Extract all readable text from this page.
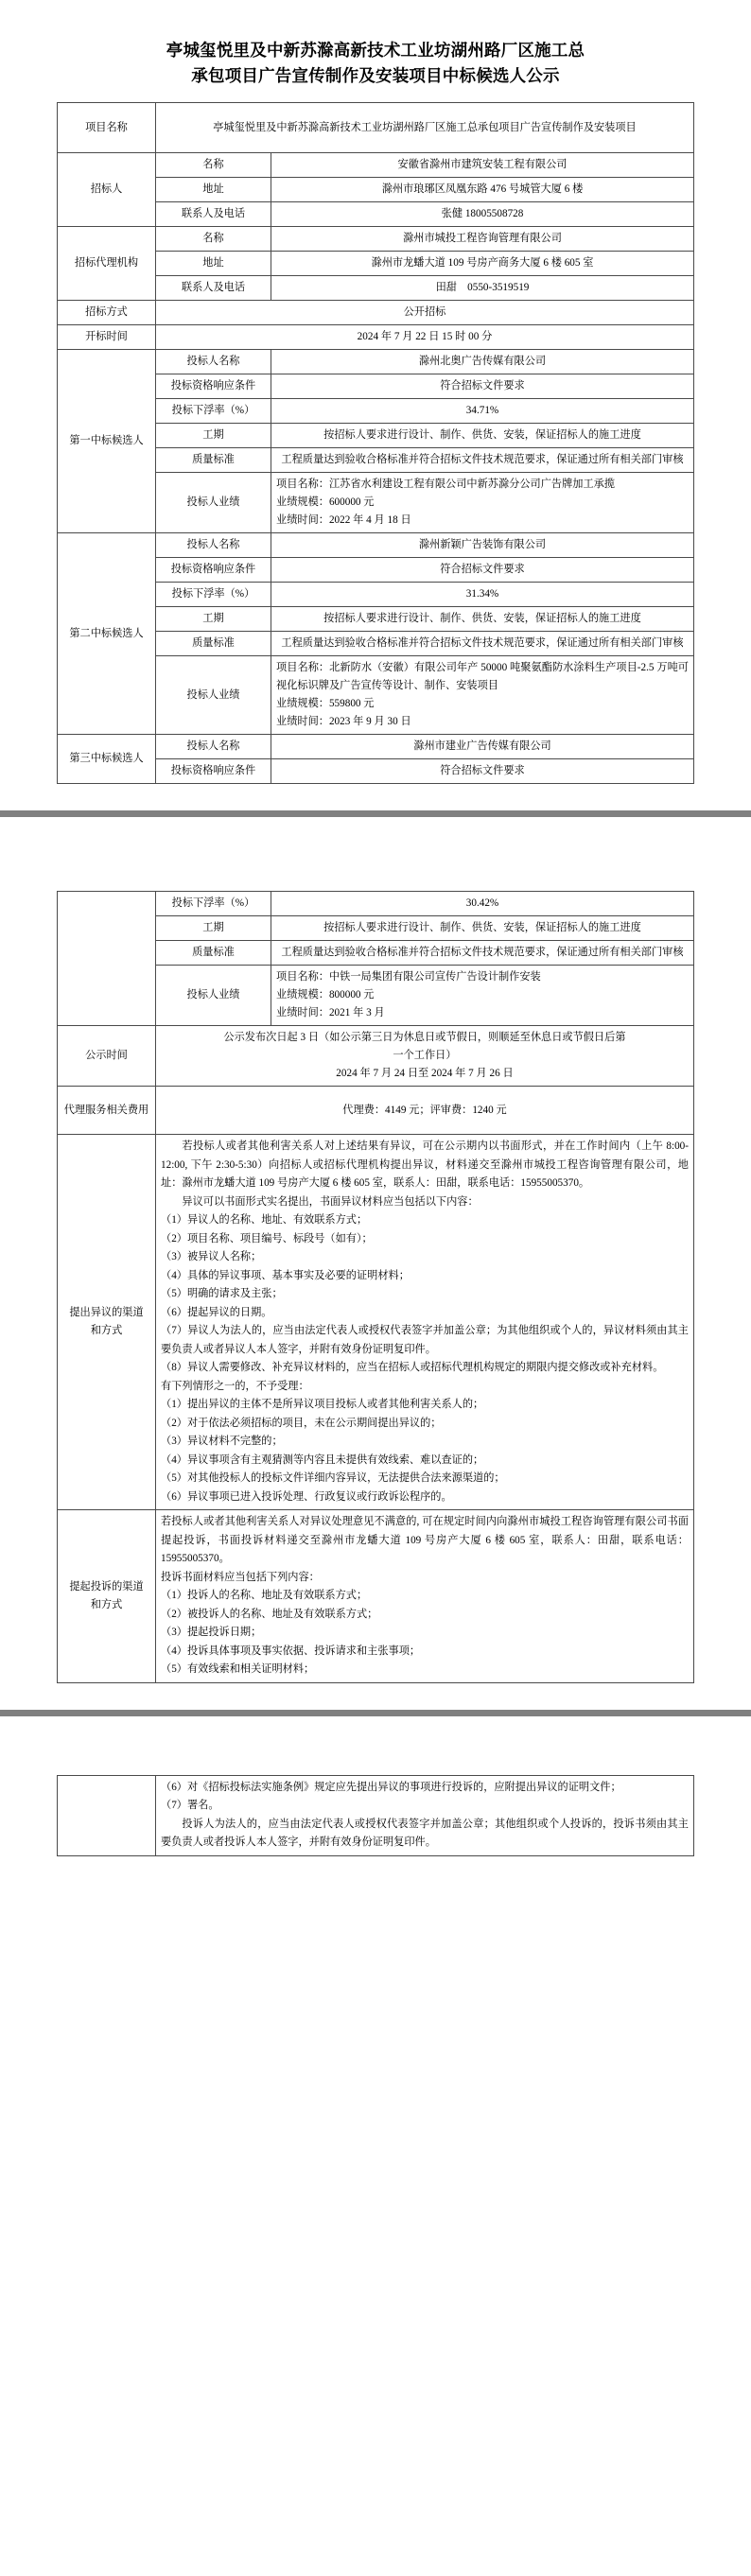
亭城玺悦里及中新苏滁高新技术工业坊湖州路厂区施工总
承包项目广告宣传制作及安装项目中标候选人公示
项目名称	亭城玺悦里及中新苏滁高新技术工业坊湖州路厂区施工总承包项目广告宣传制作及安装项目	
招标人	名称	安徽省滁州市建筑安装工程有限公司
	地址	滁州市琅琊区凤凰东路 476 号城管大厦 6 楼
	联系人及电话	张健 18005508728
招标代理机构	名称	滁州市城投工程咨询管理有限公司
	地址	滁州市龙蟠大道 109 号房产商务大厦 6 楼 605 室
	联系人及电话	田甜　0550-3519519
招标方式	公开招标	
开标时间	2024 年 7 月 22 日 15 时 00 分	
第一中标候选人	投标人名称	滁州北奥广告传媒有限公司
	投标资格响应条件	符合招标文件要求
	投标下浮率（%）	34.71%
	工期	按招标人要求进行设计、制作、供货、安装，保证招标人的施工进度
	质量标准	工程质量达到验收合格标准并符合招标文件技术规范要求，保证通过所有相关部门审核
	投标人业绩	项目名称：江苏省水利建设工程有限公司中新苏滁分公司广告牌加工承揽
业绩规模：600000 元
业绩时间：2022 年 4 月 18 日

第二中标候选人	投标人名称	滁州新颖广告装饰有限公司
	投标资格响应条件	符合招标文件要求
	投标下浮率（%）	31.34%
	工期	按招标人要求进行设计、制作、供货、安装，保证招标人的施工进度
	质量标准	工程质量达到验收合格标准并符合招标文件技术规范要求，保证通过所有相关部门审核
	投标人业绩	项目名称：北新防水（安徽）有限公司年产 50000 吨聚氨酯防水涂料生产项目-2.5 万吨可视化标识牌及广告宣传等设计、制作、安装项目
业绩规模：559800 元
业绩时间：2023 年 9 月 30 日

第三中标候选人	投标人名称	滁州市建业广告传媒有限公司
	投标资格响应条件	符合招标文件要求
	投标下浮率（%）	30.42%
	工期	按招标人要求进行设计、制作、供货、安装，保证招标人的施工进度
	质量标准	工程质量达到验收合格标准并符合招标文件技术规范要求，保证通过所有相关部门审核
	投标人业绩	项目名称：中铁一局集团有限公司宣传广告设计制作安装
业绩规模：800000 元
业绩时间：2021 年 3 月

公示时间	公示发布次日起 3 日（如公示第三日为休息日或节假日，则顺延至休息日或节假日后第
一个工作日）
2024 年 7 月 24 日至 2024 年 7 月 26 日	

代理服务相关费用	代理费：4149 元；评审费：1240 元	

提出异议的渠道
和方式

若投标人或者其他利害关系人对上述结果有异议，可在公示期内以书面形式，并在工作时间内（上午 8:00-12:00, 下午 2:30-5:30）向招标人或招标代理机构提出异议，材料递交至滁州市城投工程咨询管理有限公司，地址：滁州市龙蟠大道 109 号房产大厦 6 楼 605 室，联系人：田甜，联系电话：15955005370。
异议可以书面形式实名提出，书面异议材料应当包括以下内容：
（1）异议人的名称、地址、有效联系方式；
（2）项目名称、项目编号、标段号（如有）；
（3）被异议人名称；
（4）具体的异议事项、基本事实及必要的证明材料；
（5）明确的请求及主张；
（6）提起异议的日期。
（7）异议人为法人的，应当由法定代表人或授权代表签字并加盖公章；为其他组织或个人的，异议材料须由其主要负责人或者异议人本人签字，并附有效身份证明复印件。
（8）异议人需要修改、补充异议材料的，应当在招标人或招标代理机构规定的期限内提交修改或补充材料。
有下列情形之一的，不予受理：
（1）提出异议的主体不是所异议项目投标人或者其他利害关系人的；
（2）对于依法必须招标的项目，未在公示期间提出异议的；
（3）异议材料不完整的；
（4）异议事项含有主观猜测等内容且未提供有效线索、难以查证的；
（5）对其他投标人的投标文件详细内容异议，无法提供合法来源渠道的；
（6）异议事项已进入投诉处理、行政复议或行政诉讼程序的。

提起投诉的渠道
和方式

若投标人或者其他利害关系人对异议处理意见不满意的, 可在规定时间内向滁州市城投工程咨询管理有限公司书面提起投诉，书面投诉材料递交至滁州市龙蟠大道 109 号房产大厦 6 楼 605 室，联系人：田甜，联系电话：15955005370。
投诉书面材料应当包括下列内容：
（1）投诉人的名称、地址及有效联系方式；
（2）被投诉人的名称、地址及有效联系方式；
（3）提起投诉日期；
（4）投诉具体事项及事实依据、投诉请求和主张事项；
（5）有效线索和相关证明材料；

（6）对《招标投标法实施条例》规定应先提出异议的事项进行投诉的，应附提出异议的证明文件；
（7）署名。
投诉人为法人的，应当由法定代表人或授权代表签字并加盖公章；其他组织或个人投诉的，投诉书须由其主要负责人或者投诉人本人签字，并附有效身份证明复印件。
